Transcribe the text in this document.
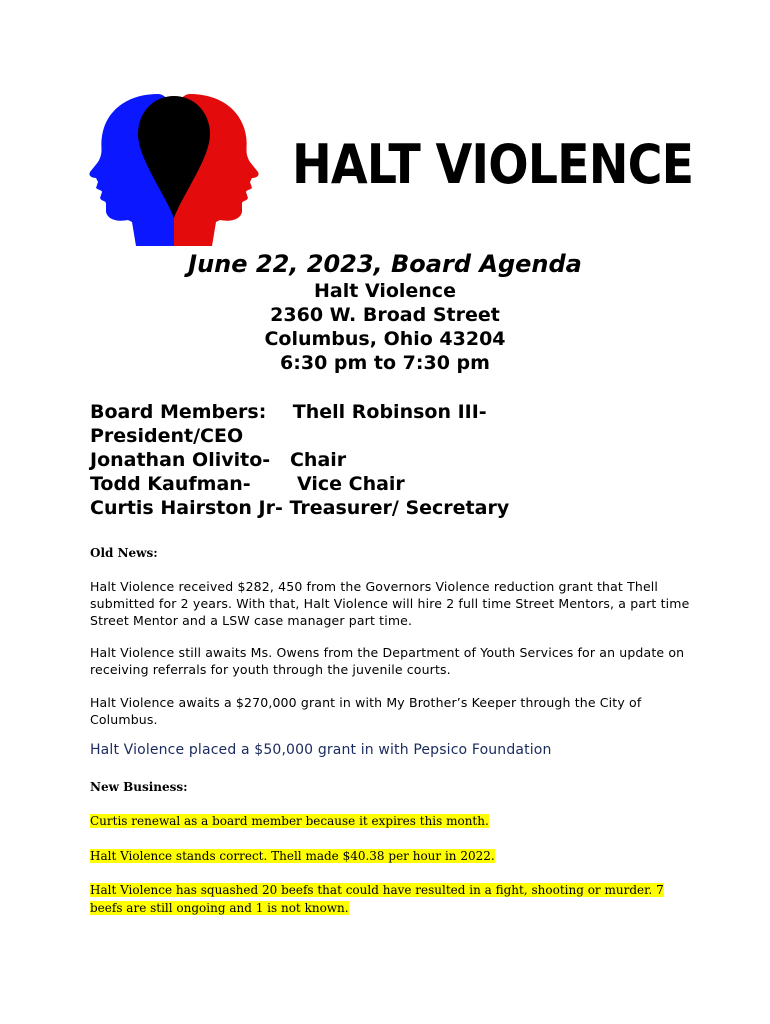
HALT VIOLENCE
June 22, 2023, Board Agenda
Halt Violence
2360 W. Broad Street
Columbus, Ohio 43204
6:30 pm to 7:30 pm
Board Members:    Thell Robinson III-
President/CEO
Jonathan Olivito-   Chair
Todd Kaufman-       Vice Chair
Curtis Hairston Jr- Treasurer/ Secretary
Old News:
Halt Violence received $282, 450 from the Governors Violence reduction grant that Thell submitted for 2 years. With that, Halt Violence will hire 2 full time Street Mentors, a part time Street Mentor and a LSW case manager part time.
Halt Violence still awaits Ms. Owens from the Department of Youth Services for an update on receiving referrals for youth through the juvenile courts.
Halt Violence awaits a $270,000 grant in with My Brother’s Keeper through the City of Columbus.
Halt Violence placed a $50,000 grant in with Pepsico Foundation
New Business:
Curtis renewal as a board member because it expires this month.
Halt Violence stands correct. Thell made $40.38 per hour in 2022.
Halt Violence has squashed 20 beefs that could have resulted in a fight, shooting or murder. 7 beefs are still ongoing and 1 is not known.
